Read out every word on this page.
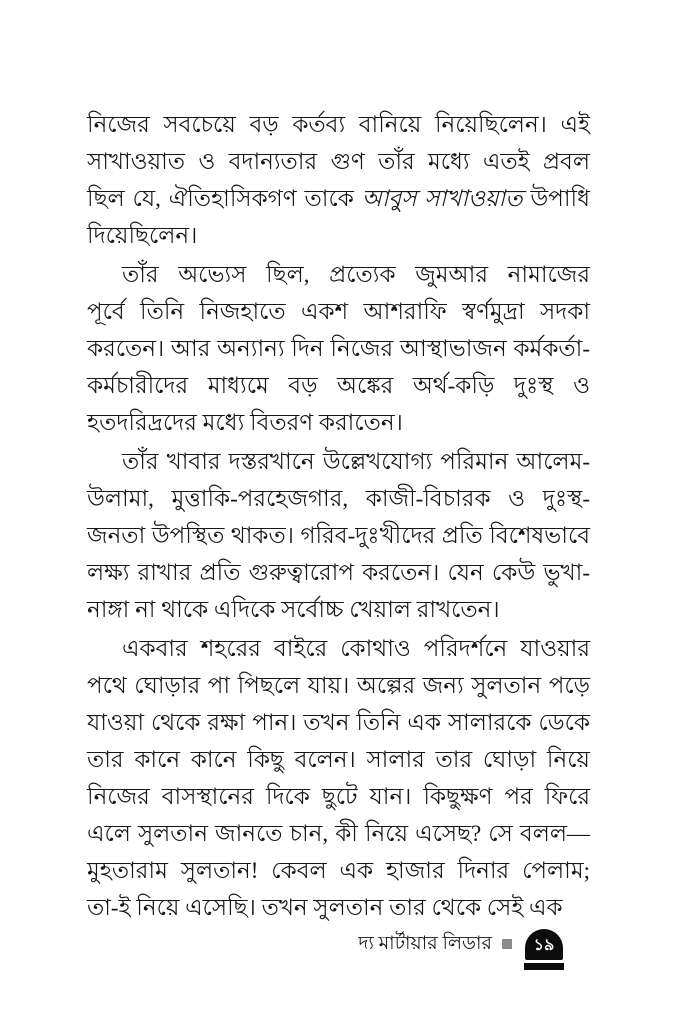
নিজের সবচেয়ে বড় কর্তব্য বানিয়ে নিয়েছিলেন। এই
সাখাওয়াত ও বদান্যতার গুণ তাঁর মধ্যে এতই প্রবল
ছিল যে, ঐতিহাসিকগণ তাকে আবুস সাখাওয়াত উপাধি
দিয়েছিলেন।
তাঁর অভ্যেস ছিল, প্রত্যেক জুমআর নামাজের
পূর্বে তিনি নিজহাতে একশ আশরাফি স্বর্ণমুদ্রা সদকা
করতেন। আর অন্যান্য দিন নিজের আস্থাভাজন কর্মকর্তা-
কর্মচারীদের মাধ্যমে বড় অঙ্কের অর্থ-কড়ি দুঃস্থ ও
হতদরিদ্রদের মধ্যে বিতরণ করাতেন।
তাঁর খাবার দস্তরখানে উল্লেখযোগ্য পরিমান আলেম-
উলামা, মুত্তাকি-পরহেজগার, কাজী-বিচারক ও দুঃস্থ-
জনতা উপস্থিত থাকত। গরিব-দুঃখীদের প্রতি বিশেষভাবে
লক্ষ্য রাখার প্রতি গুরুত্বারোপ করতেন। যেন কেউ ভুখা-
নাঙ্গা না থাকে এদিকে সর্বোচ্চ খেয়াল রাখতেন।
একবার শহরের বাইরে কোথাও পরিদর্শনে যাওয়ার
পথে ঘোড়ার পা পিছলে যায়। অল্পের জন্য সুলতান পড়ে
যাওয়া থেকে রক্ষা পান। তখন তিনি এক সালারকে ডেকে
তার কানে কানে কিছু বলেন। সালার তার ঘোড়া নিয়ে
নিজের বাসস্থানের দিকে ছুটে যান। কিছুক্ষণ পর ফিরে
এলে সুলতান জানতে চান, কী নিয়ে এসেছ? সে বলল—
মুহতারাম সুলতান! কেবল এক হাজার দিনার পেলাম;
তা-ই নিয়ে এসেছি। তখন সুলতান তার থেকে সেই এক
দ্য মার্টায়ার লিডার	১৯
